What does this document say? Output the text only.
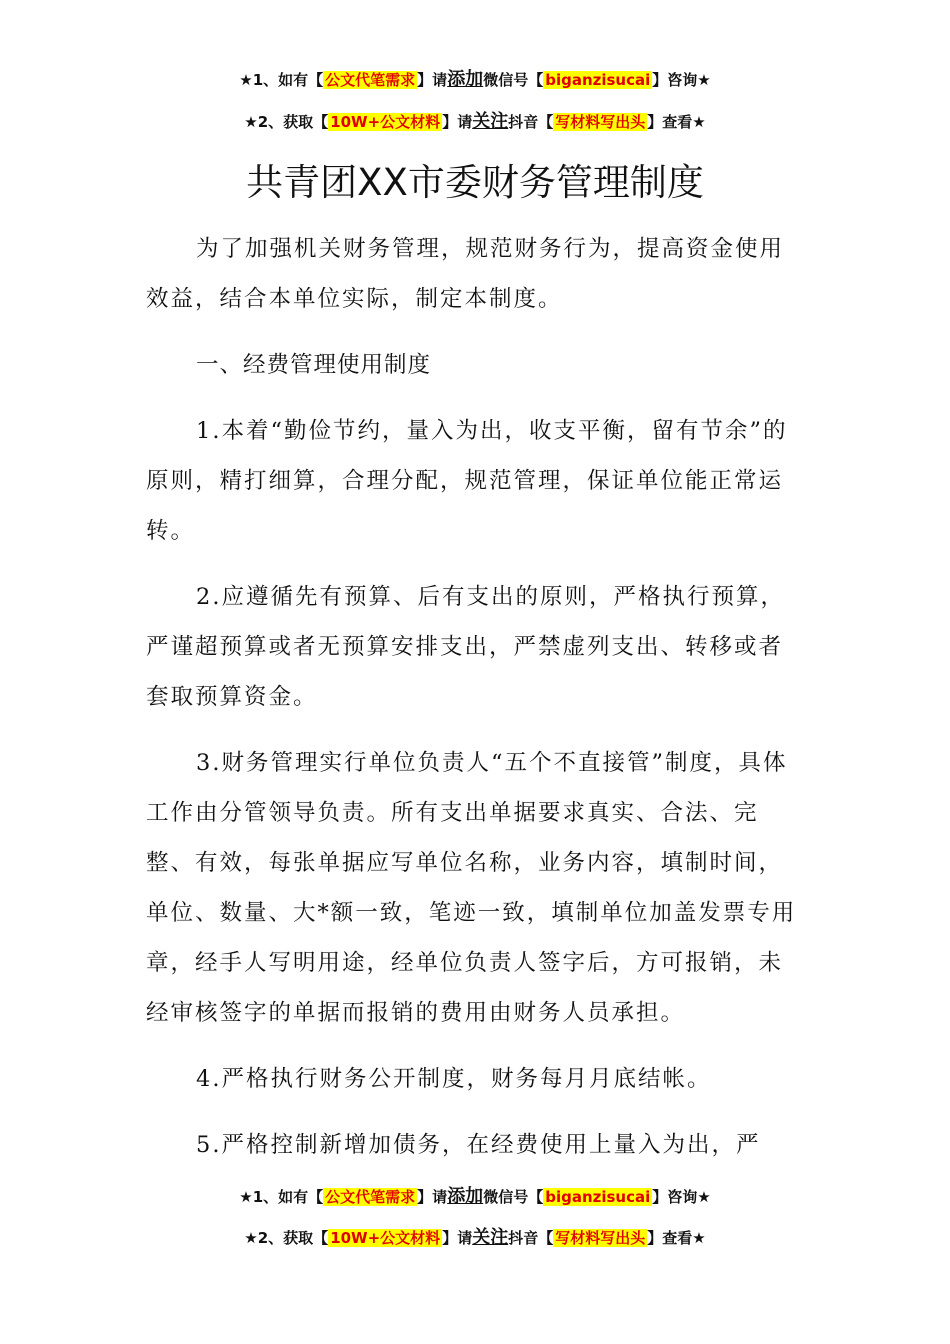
★1、如有【 公文代笔需求 】请添加微信号【 biganzisucai 】咨询★
★2、获取【 10W+公文材料 】请关注抖音【 写材料写出头 】查看★
共青团XX市委财务管理制度

为了加强机关财务管理，规范财务行为，提高资金使用效益，结合本单位实际，制定本制度。

一、经费管理使用制度

1.本着“勤俭节约，量入为出，收支平衡，留有节余”的原则，精打细算，合理分配，规范管理，保证单位能正常运转。

2.应遵循先有预算、后有支出的原则，严格执行预算，严谨超预算或者无预算安排支出，严禁虚列支出、转移或者套取预算资金。

3.财务管理实行单位负责人“五个不直接管”制度，具体工作由分管领导负责。所有支出单据要求真实、合法、完整、有效，每张单据应写单位名称，业务内容，填制时间，单位、数量、大*额一致，笔迹一致，填制单位加盖发票专用章，经手人写明用途，经单位负责人签字后，方可报销，未经审核签字的单据而报销的费用由财务人员承担。

4.严格执行财务公开制度，财务每月月底结帐。

5.严格控制新增加债务，在经费使用上量入为出，严

★1、如有【 公文代笔需求 】请添加微信号【 biganzisucai 】咨询★
★2、获取【 10W+公文材料 】请关注抖音【 写材料写出头 】查看★
